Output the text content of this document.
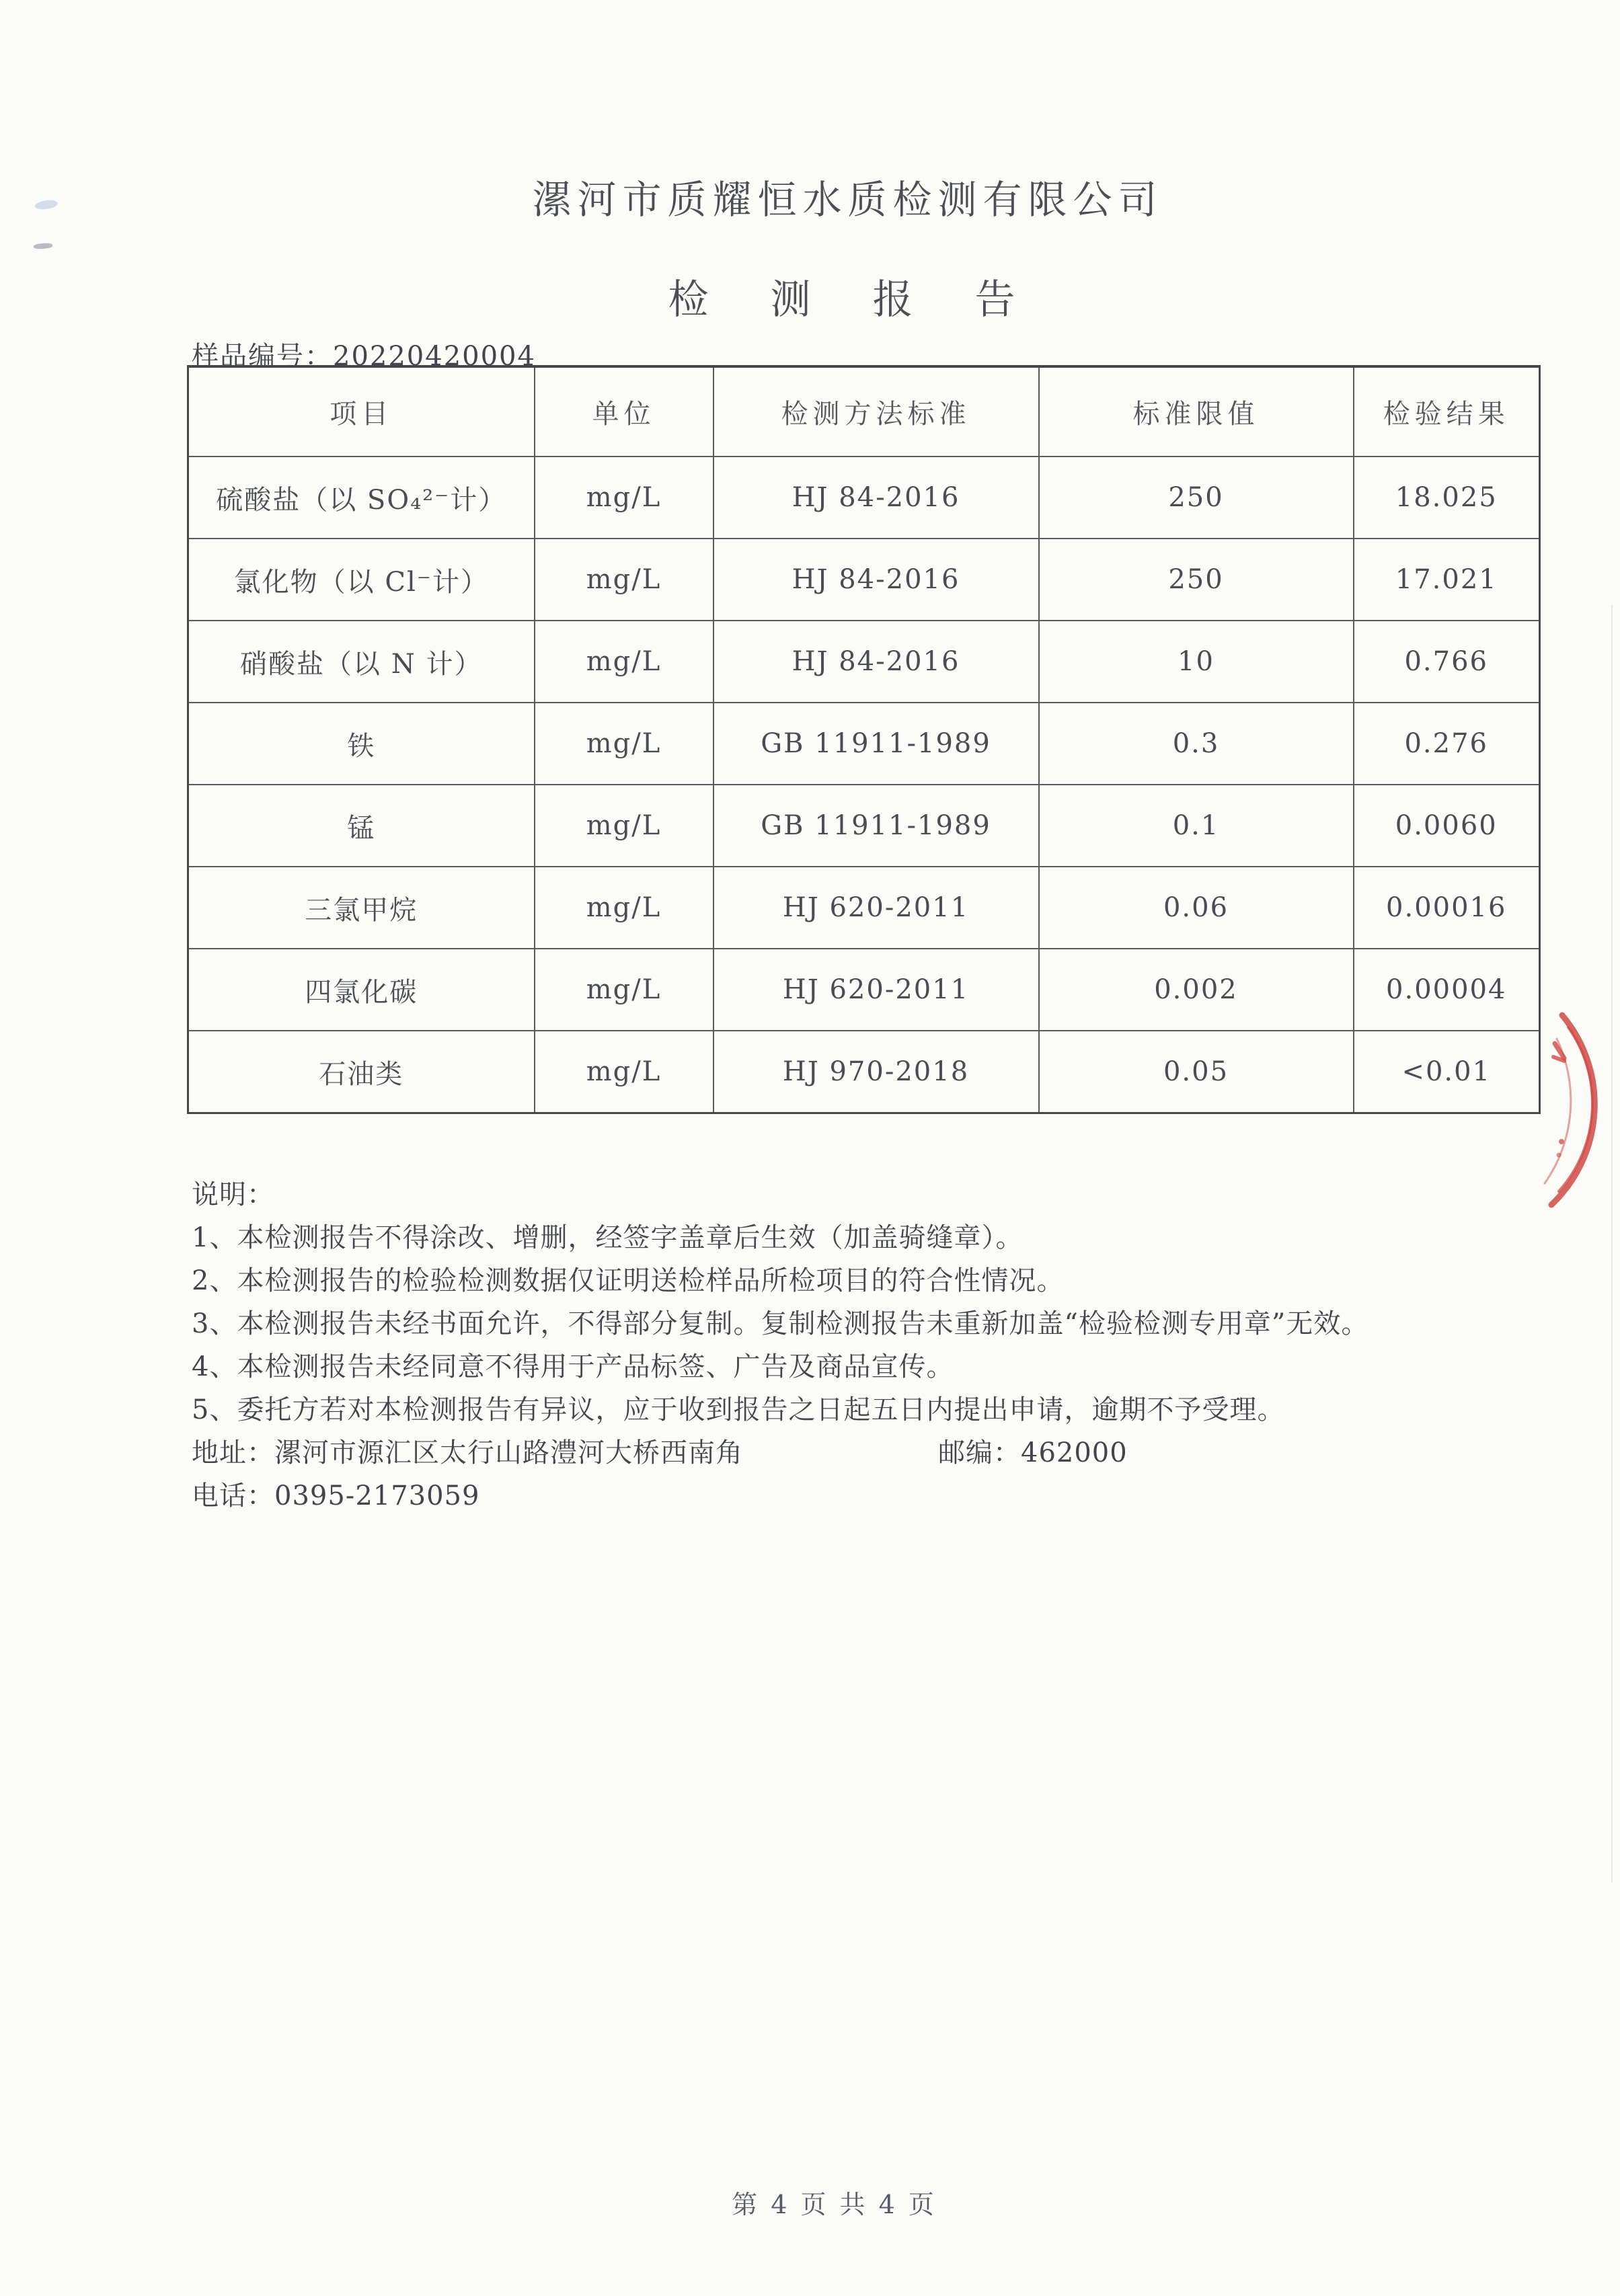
漯河市质耀恒水质检测有限公司
检　测　报　告
样品编号：20220420004
项目	单位	检测方法标准	标准限值	检验结果
硫酸盐（以 SO₄²⁻计）	mg/L	HJ 84-2016	250	18.025
氯化物（以 Cl⁻计）	mg/L	HJ 84-2016	250	17.021
硝酸盐（以 N 计）	mg/L	HJ 84-2016	10	0.766
铁	mg/L	GB 11911-1989	0.3	0.276
锰	mg/L	GB 11911-1989	0.1	0.0060
三氯甲烷	mg/L	HJ 620-2011	0.06	0.00016
四氯化碳	mg/L	HJ 620-2011	0.002	0.00004
石油类	mg/L	HJ 970-2018	0.05	<0.01
说明：
1、本检测报告不得涂改、增删，经签字盖章后生效（加盖骑缝章）。
2、本检测报告的检验检测数据仅证明送检样品所检项目的符合性情况。
3、本检测报告未经书面允许，不得部分复制。复制检测报告未重新加盖“检验检测专用章”无效。
4、本检测报告未经同意不得用于产品标签、广告及商品宣传。
5、委托方若对本检测报告有异议，应于收到报告之日起五日内提出申请，逾期不予受理。
地址：漯河市源汇区太行山路澧河大桥西南角	邮编：462000
电话：0395-2173059
第 4 页 共 4 页
